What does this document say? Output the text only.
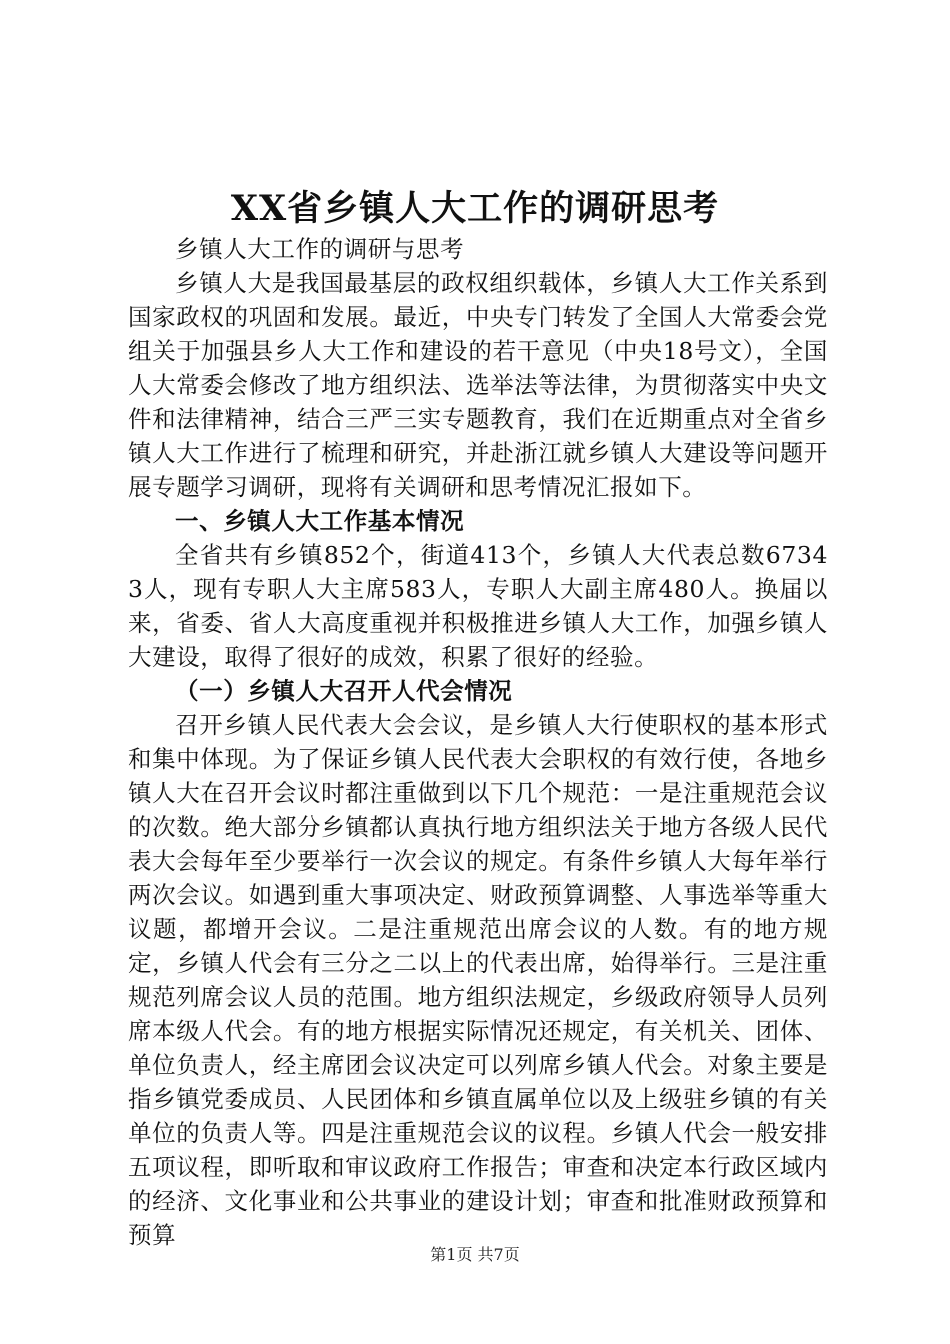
XX省乡镇人大工作的调研思考

乡镇人大工作的调研与思考

乡镇人大是我国最基层的政权组织载体，乡镇人大工作关系到国家政权的巩固和发展。最近，中央专门转发了全国人大常委会党组关于加强县乡人大工作和建设的若干意见（中央18号文），全国人大常委会修改了地方组织法、选举法等法律，为贯彻落实中央文件和法律精神，结合三严三实专题教育，我们在近期重点对全省乡镇人大工作进行了梳理和研究，并赴浙江就乡镇人大建设等问题开展专题学习调研，现将有关调研和思考情况汇报如下。

一、乡镇人大工作基本情况

全省共有乡镇852个，街道413个，乡镇人大代表总数67343人，现有专职人大主席583人，专职人大副主席480人。换届以来，省委、省人大高度重视并积极推进乡镇人大工作，加强乡镇人大建设，取得了很好的成效，积累了很好的经验。

（一）乡镇人大召开人代会情况

召开乡镇人民代表大会会议，是乡镇人大行使职权的基本形式和集中体现。为了保证乡镇人民代表大会职权的有效行使，各地乡镇人大在召开会议时都注重做到以下几个规范：一是注重规范会议的次数。绝大部分乡镇都认真执行地方组织法关于地方各级人民代表大会每年至少要举行一次会议的规定。有条件乡镇人大每年举行两次会议。如遇到重大事项决定、财政预算调整、人事选举等重大议题，都增开会议。二是注重规范出席会议的人数。有的地方规定，乡镇人代会有三分之二以上的代表出席，始得举行。三是注重规范列席会议人员的范围。地方组织法规定，乡级政府领导人员列席本级人代会。有的地方根据实际情况还规定，有关机关、团体、单位负责人，经主席团会议决定可以列席乡镇人代会。对象主要是指乡镇党委成员、人民团体和乡镇直属单位以及上级驻乡镇的有关单位的负责人等。四是注重规范会议的议程。乡镇人代会一般安排五项议程，即听取和审议政府工作报告；审查和决定本行政区域内的经济、文化事业和公共事业的建设计划；审查和批准财政预算和预算

第1页 共7页
